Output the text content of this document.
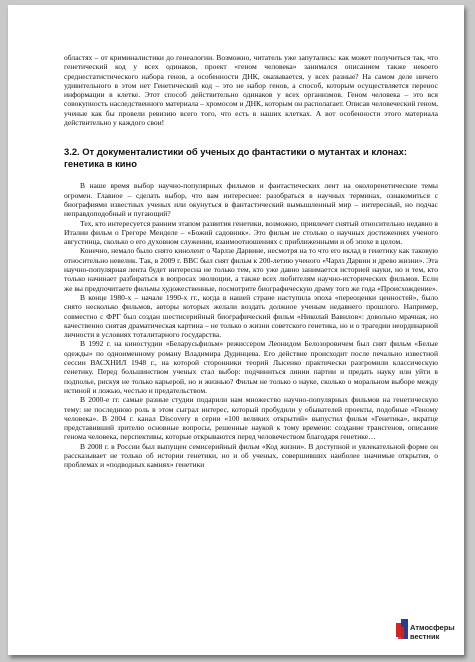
областях – от криминалистики до генеалогии. Возможно, читатель уже запутались: как может получиться так, что генетический код у всех одинаков, проект «геном человека» занимался описанием также некоего среднестатистического набора генов, а особенности ДНК, оказывается, у всех разные? На самом деле ничего удивительного в этом нет Генетический код – это не набор генов, а способ, которым осуществляется перенос информации в клетке. Этот способ действительно одинаков у всех организмов. Геном человека – это вся совокупность наследственного материала – хромосом и ДНК, которым он располагает. Описав человеческий геном, ученые как бы провели ревизию всего того, что есть в наших клетках. А вот особенности этого материала действительно у каждого свои!

3.2. От документалистики об ученых до фантастики о мутантах и клонах: генетика в кино

В наше время выбор научно-популярных фильмов и фантастических лент на околоренетические темы огромен. Главное – сделать выбор, что вам интереснее: разобраться в научных терминах, ознакомиться с биографиями известных ученых или окунуться в фантастический вымышленный мир – интересный, но подчас неправдоподобный и пугающий?

Тех, кто интересуется ранним этапом развития генетики, возможно, привлечет снятый относительно недавно в Италии фильм о Грегоре Менделе – «Божий садовник». Это фильм не столько о научных достижениях ученого августинца, сколько о его духовном служении, взаимоотношениях с приближенными и об эпохе в целом.

Конечно, немало было снято кинолент о Чарлзе Дарвине, несмотря на то что его вклад в генетику как таковую относительно невелик. Так, в 2009 г. BBC был снят фильм к 200-летию ученого «Чарлз Дарвин и древо жизни». Эта научно-популярная лента будет интересна не только тем, кто уже давно занимается историей науки, но и тем, кто только начинает разбираться в вопросах эволюции, а также всех любителям научно-исторических фильмов. Если же вы предпочитаете фильмы художественные, посмотрите биографическую драму того же года «Происхождение».

В конце 1980-х – начале 1990-х гг., когда в нашей стране наступила эпоха «переоценки ценностей», было снято несколько фильмов, авторы которых желали воздать должное ученым недавнего прошлого. Например, совместно с ФРГ был создан шестисерийный биографический фильм «Николай Вавилов»: довольно мрачная, но качественно снятая драматическая картина – не только о жизни советского генетика, но и о трагедии неординарной личности в условиях тоталитарного государства.

В 1992 г. на киностудии «Беларусьфильм» режиссером Леонидом Белозоровичем был снят фильм «Белые одежды» по одноименному роману Владимира Дудинцева. Его действие происходит после печально известной сессии ВАСХНИЛ 1948 г., на которой сторонники теорий Лысенко практически разгромили классическую генетику. Перед большинством ученых стал выбор: подчиниться линии партии и предать науку или уйти в подполье, рискуя не только карьерой, но и жизнью? Фильм не только о науке, сколько о моральном выборе между истиной и ложью, честью и предательством.

В 2000-е гг. самые разные студии подарили нам множество научно-популярных фильмов на генетическую тему: не последнюю роль в этом сыграл интерес, который пробудили у обывателей проекты, подобные «Геному человека». В 2004 г. канал Discovery в серии «100 великих открытий» выпустил фильм «Генетика», вкратце представивший зрителю основные вопросы, решенные наукой к тому времени: создание трансгенов, описание генома человека, перспективы, которые открываются перед человечеством благодаря генетике…

В 2008 г. в России был выпущен семисерийный фильм «Код жизни». В доступной и увлекательной форме он рассказывает не только об истории генетики, но и об ученых, совершивших наиболее значимые открытия, о проблемах и «подводных камнях» генетики

Атмосферы
вестник
